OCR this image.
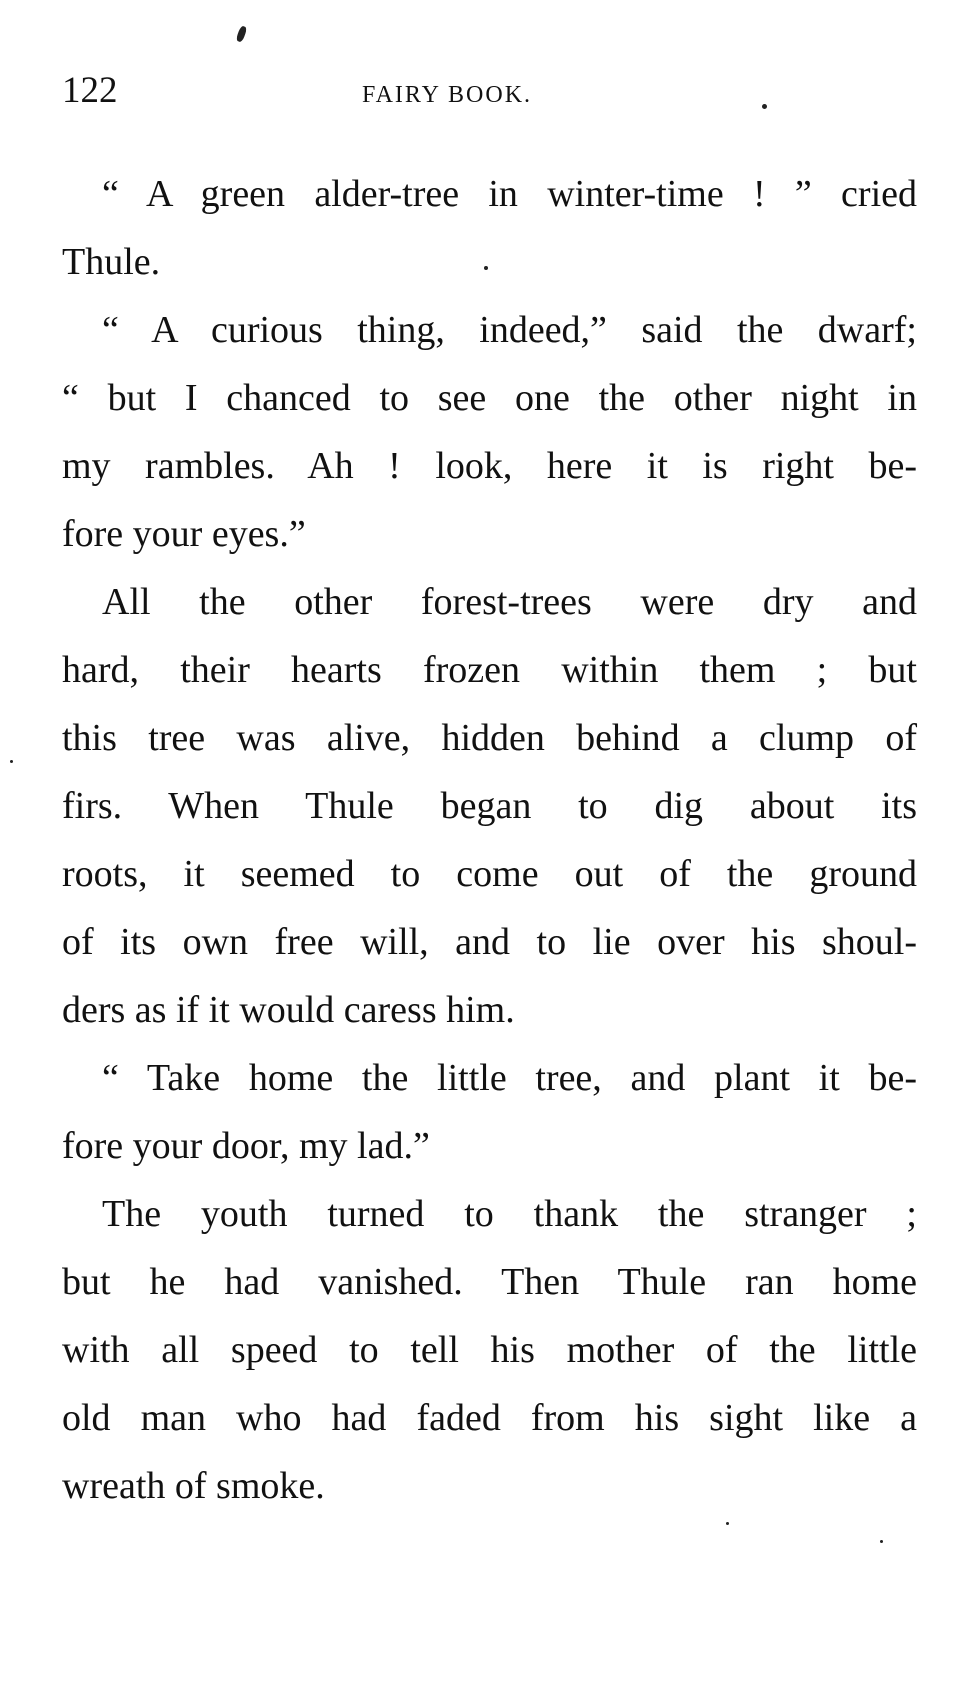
122	FAIRY BOOK.
“ A green alder-tree in winter-time ! ” cried
Thule.
“ A curious thing, indeed,” said the dwarf;
“ but I chanced to see one the other night in
my rambles. Ah ! look, here it is right be-
fore your eyes.”
All the other forest-trees were dry and
hard, their hearts frozen within them ; but
this tree was alive, hidden behind a clump of
firs. When Thule began to dig about its
roots, it seemed to come out of the ground
of its own free will, and to lie over his shoul-
ders as if it would caress him.
“ Take home the little tree, and plant it be-
fore your door, my lad.”
The youth turned to thank the stranger ;
but he had vanished. Then Thule ran home
with all speed to tell his mother of the little
old man who had faded from his sight like a
wreath of smoke.
